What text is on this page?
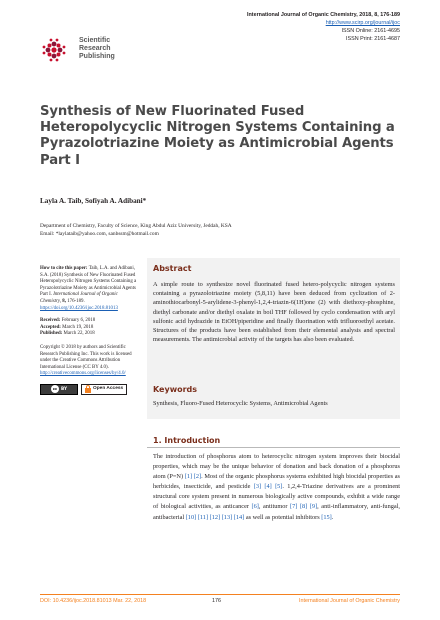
Scientific
Research
Publishing
International Journal of Organic Chemistry, 2018, 8, 176-189
http://www.scirp.org/journal/ijoc
ISSN Online: 2161-4695
ISSN Print: 2161-4687
Synthesis of New Fluorinated Fused Heteropolycyclic Nitrogen Systems Containing a Pyrazolotriazine Moiety as Antimicrobial Agents Part I
Layla A. Taib, Sofiyah A. Adibani*
Department of Chemistry, Faculty of Science, King Abdul Aziz University, Jeddah, KSA
Email: *laylataib@yahoo.com, sanbssm@hotmail.com

How to cite this paper: Taib, L.A. and Adibani, S.A. (2018) Synthesis of New Fluorinated Fused Heteropolycyclic Nitrogen Systems Containing a Pyrazolotriazine Moiety as Antimicrobial Agents Part I. International Journal of Organic Chemistry, 8, 176-189. https://doi.org/10.4236/ijoc.2018.81013

Received: February 6, 2018
Accepted: March 19, 2018
Published: March 22, 2018

Copyright © 2018 by authors and Scientific Research Publishing Inc. This work is licensed under the Creative Commons Attribution International License (CC BY 4.0).
http://creativecommons.org/licenses/by/4.0/

cc BY	Open Access
Abstract
A simple route to synthesize novel fluorinated fused hetero-polycyclic nitrogen systems containing a pyrazolotriazine moiety (5,8,11) have been deduced from cyclization of 2-aminothiocarbonyl-5-arylidene-3-phenyl-1,2,4-triazin-6(1H)one (2) with diethoxy-phosphine, diethyl carbonate and/or diethyl oxalate in boil THF followed by cyclo condensation with aryl sulfonic acid hydrazide in EtOH/piperidine and finally fluorination with trifluoroethyl acetate. Structures of the products have been established from their elemental analysis and spectral measurements. The antimicrobial activity of the targets has also been evaluated.
Keywords
Synthesis, Fluoro-Fused Heterocyclic Systems, Antimicrobial Agents
1. Introduction
The introduction of phosphorus atom to heterocyclic nitrogen system improves their biocidal properties, which may be the unique behavior of donation and back donation of a phosphorus atom (P=N) [1] [2]. Most of the organic phosphorus systems exhibited high biocidal properties as herbicides, insecticide, and pesticide [3] [4] [5]. 1,2,4-Triazine derivatives are a prominent structural core system present in numerous biologically active compounds, exhibit a wide range of biological activities, as anticancer [6], antitumor [7] [8] [9], anti-inflammatory, anti-fungal, antibacterial [10] [11] [12] [13] [14] as well as potential inhibitors [15].
DOI: 10.4236/ijoc.2018.81013 Mar. 22, 2018	176	International Journal of Organic Chemistry
